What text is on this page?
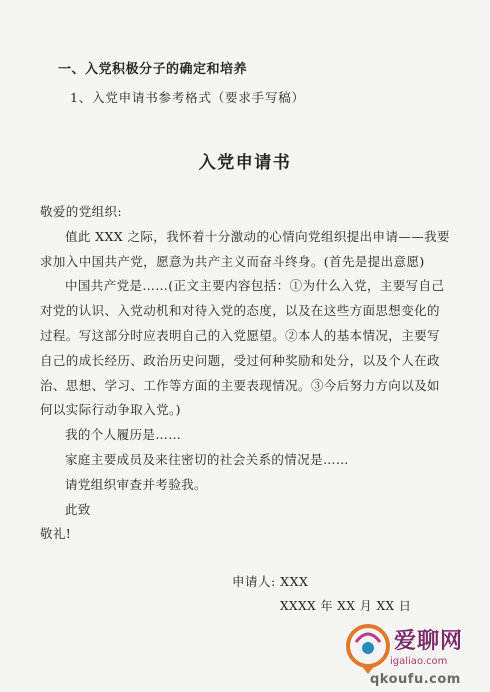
一、入党积极分子的确定和培养
1、入党申请书参考格式（要求手写稿）
入党申请书

敬爱的党组织:

值此 XXX 之际，我怀着十分激动的心情向党组织提出申请——我要求加入中国共产党，愿意为共产主义而奋斗终身。(首先是提出意愿)

中国共产党是……(正文主要内容包括：①为什么入党，主要写自己对党的认识、入党动机和对待入党的态度，以及在这些方面思想变化的过程。写这部分时应表明自己的入党愿望。②本人的基本情况，主要写自己的成长经历、政治历史问题，受过何种奖励和处分，以及个人在政治、思想、学习、工作等方面的主要表现情况。③今后努力方向以及如何以实际行动争取入党。)

我的个人履历是……

家庭主要成员及来往密切的社会关系的情况是……

请党组织审查并考验我。

此致

敬礼!

申请人: XXX
XXXX 年 XX 月 XX 日
爱聊网
igaliao.com
qkoufu.com
